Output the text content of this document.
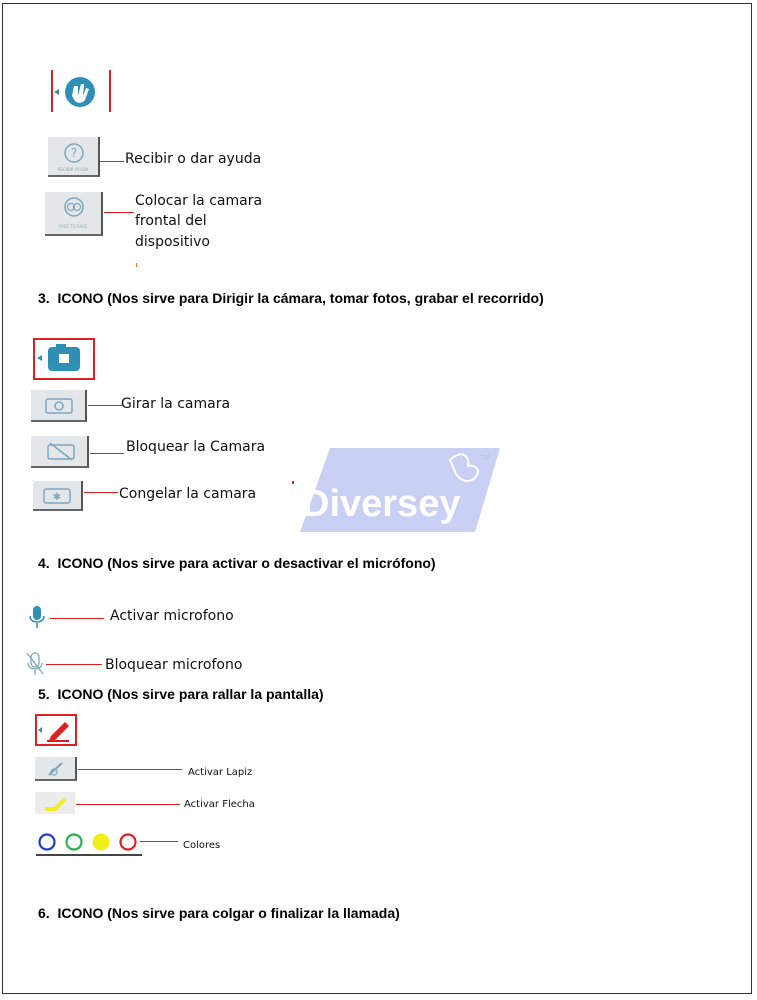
Diversey
TM
?
RECIBIR AYUDA
Recibir o dar ayuda
FACE TO FACE
Colocar la camara
frontal del
dispositivo
3. ICONO (Nos sirve para Dirigir la cámara, tomar fotos, grabar el recorrido)
Girar la camara
Bloquear la Camara
✱	Congelar la camara
4. ICONO (Nos sirve para activar o desactivar el micrófono)
Activar microfono
Bloquear microfono
5. ICONO (Nos sirve para rallar la pantalla)
Activar Lapiz
Activar Flecha
Colores
6. ICONO (Nos sirve para colgar o finalizar la llamada)
